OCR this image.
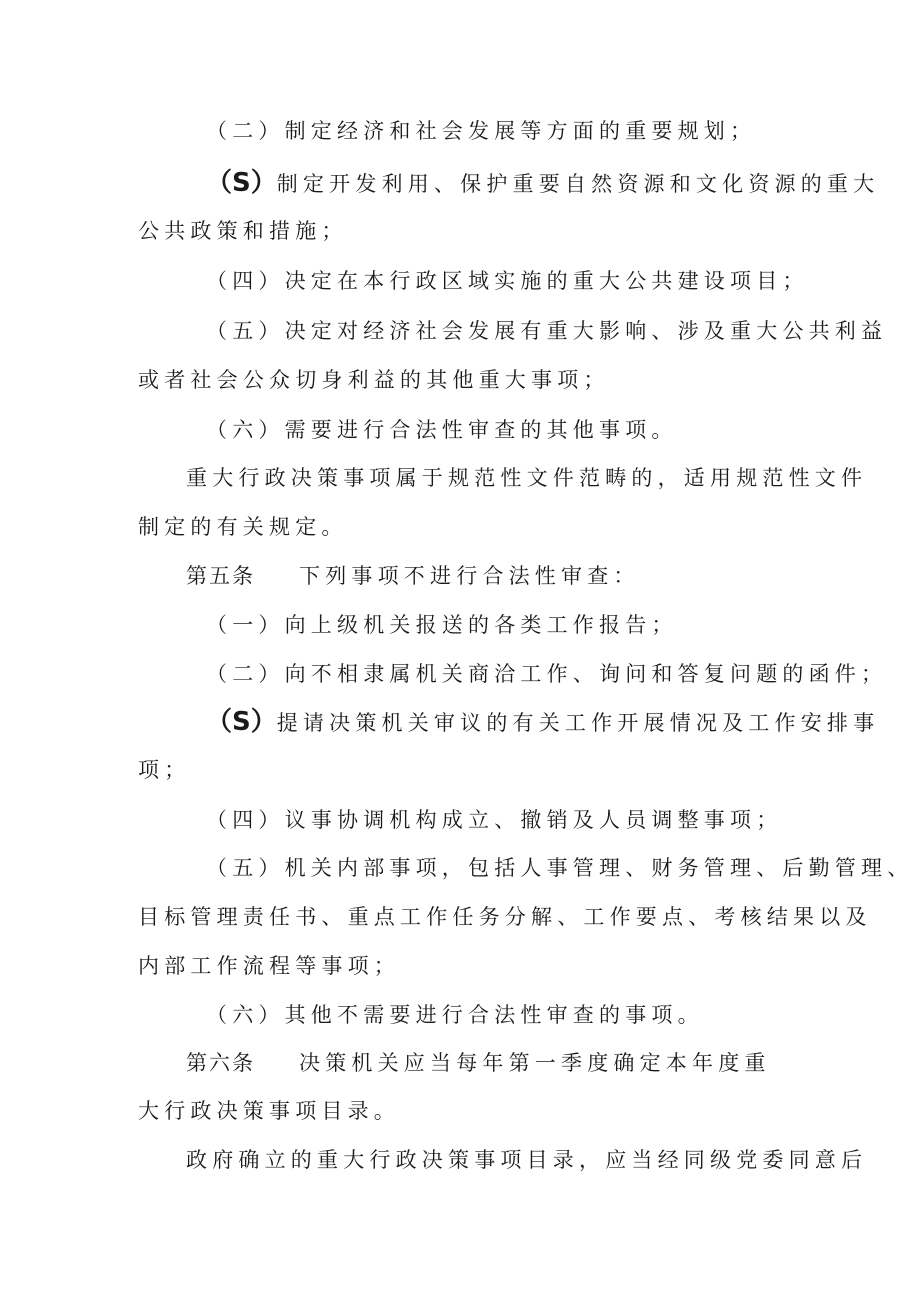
（二）制定经济和社会发展等方面的重要规划；
（S）制定开发利用、保护重要自然资源和文化资源的重大
公共政策和措施；
（四）决定在本行政区域实施的重大公共建设项目；
（五）决定对经济社会发展有重大影响、涉及重大公共利益
或者社会公众切身利益的其他重大事项；
（六）需要进行合法性审查的其他事项。
重大行政决策事项属于规范性文件范畴的，适用规范性文件
制定的有关规定。
第五条 下列事项不进行合法性审查：
（一）向上级机关报送的各类工作报告；
（二）向不相隶属机关商洽工作、询问和答复问题的函件；
（S）提请决策机关审议的有关工作开展情况及工作安排事
项；
（四）议事协调机构成立、撤销及人员调整事项；
（五）机关内部事项，包括人事管理、财务管理、后勤管理、
目标管理责任书、重点工作任务分解、工作要点、考核结果以及
内部工作流程等事项；
（六）其他不需要进行合法性审查的事项。
第六条 决策机关应当每年第一季度确定本年度重
大行政决策事项目录。
政府确立的重大行政决策事项目录，应当经同级党委同意后
